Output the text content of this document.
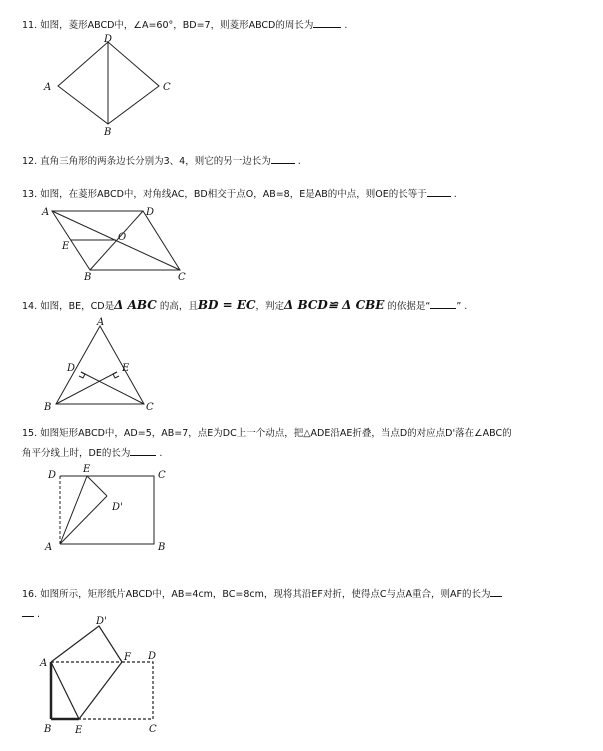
11. 如图，菱形ABCD中，∠A=60°，BD=7，则菱形ABCD的周长为	.
D
A	C
B
12. 直角三角形的两条边长分别为3、4，则它的另一边长为	.
13. 如图，在菱形ABCD中，对角线AC，BD相交于点O，AB=8，E是AB的中点，则OE的长等于	.
A	D
O
E
B	C
14. 如图，BE，CD是Δ ABC 的高，且BD = EC，判定Δ BCD≌ Δ CBE 的依据是“	” .
A
D	E
B	C
15. 如图矩形ABCD中，AD=5，AB=7，点E为DC上一个动点，把△ADE沿AE折叠，当点D的对应点D'落在∠ABC的
角平分线上时，DE的长为	.
D
E
C
D'
A	B
16. 如图所示，矩形纸片ABCD中，AB=4cm，BC=8cm，现将其沿EF对折，使得点C与点A重合，则AF的长为
.
D'
A
F D
B E	C
